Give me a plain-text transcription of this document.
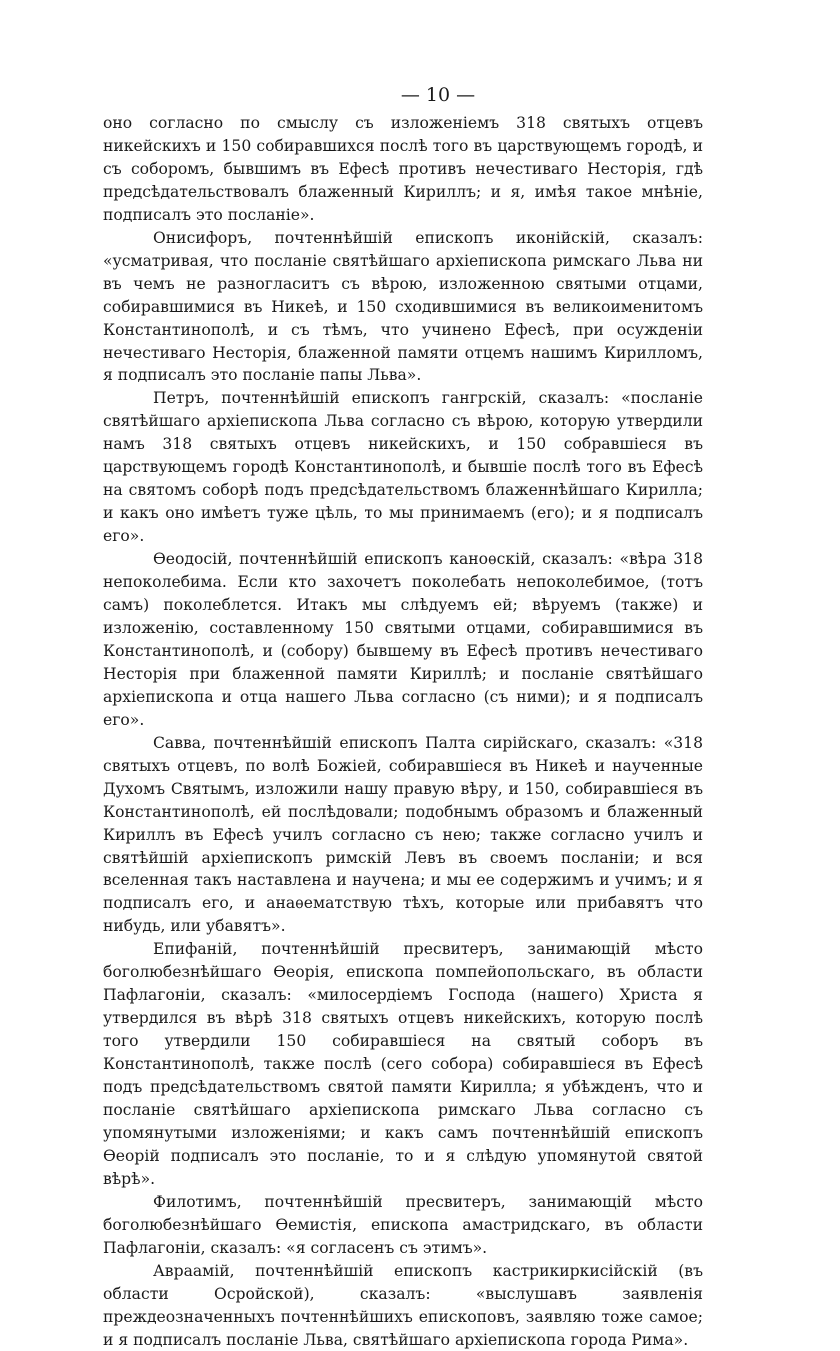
— 10 —

оно согласно по смыслу съ изложеніемъ 318 святыхъ отцевъ никейскихъ и 150 собиравшихся послѣ того въ царствующемъ городѣ, и съ соборомъ, бывшимъ въ Ефесѣ противъ нечестиваго Несторія, гдѣ предсѣдательствовалъ блаженный Кириллъ; и я, имѣя такое мнѣніе, подписалъ это посланіе».

Онисифоръ, почтеннѣйшій епископъ иконійскій, сказалъ: «усматривая, что посланіе святѣйшаго архіепископа римскаго Льва ни въ чемъ не разногласитъ съ вѣрою, изложенною святыми отцами, собиравшимися въ Никеѣ, и 150 сходившимися въ великоименитомъ Константинополѣ, и съ тѣмъ, что учинено Ефесѣ, при осужденіи нечестиваго Несторія, блаженной памяти отцемъ нашимъ Кирилломъ, я подписалъ это посланіе папы Льва».

Петръ, почтеннѣйшій епископъ гангрскій, сказалъ: «посланіе святѣйшаго архіепископа Льва согласно съ вѣрою, которую утвердили намъ 318 святыхъ отцевъ никейскихъ, и 150 собравшіеся въ царствующемъ городѣ Константинополѣ, и бывшіе послѣ того въ Ефесѣ на святомъ соборѣ подъ предсѣдательствомъ блаженнѣйшаго Кирилла; и какъ оно имѣетъ туже цѣль, то мы принимаемъ (его); и я подписалъ его».

Ѳеодосій, почтеннѣйшій епископъ каноѳскій, сказалъ: «вѣра 318 непоколебима. Если кто захочетъ поколебать непоколебимое, (тотъ самъ) поколеблется. Итакъ мы слѣдуемъ ей; вѣруемъ (также) и изложенію, составленному 150 святыми отцами, собиравшимися въ Константинополѣ, и (собору) бывшему въ Ефесѣ противъ нечестиваго Несторія при блаженной памяти Кириллѣ; и посланіе святѣйшаго архіепископа и отца нашего Льва согласно (съ ними); и я подписалъ его».

Савва, почтеннѣйшій епископъ Палта сирійскаго, сказалъ: «318 святыхъ отцевъ, по волѣ Божіей, собиравшіеся въ Никеѣ и наученные Духомъ Святымъ, изложили нашу правую вѣру, и 150, собиравшіеся въ Константинополѣ, ей послѣдовали; подобнымъ образомъ и блаженный Кириллъ въ Ефесѣ училъ согласно съ нею; также согласно училъ и святѣйшій архіепископъ римскій Левъ въ своемъ посланіи; и вся вселенная такъ наставлена и научена; и мы ее содержимъ и учимъ; и я подписалъ его, и анаѳематствую тѣхъ, которые или прибавятъ что нибудь, или убавятъ».

Епифаній, почтеннѣйшій пресвитеръ, занимающій мѣсто боголюбезнѣйшаго Ѳеорія, епископа помпейопольскаго, въ области Пафлагоніи, сказалъ: «милосердіемъ Господа (нашего) Христа я утвердился въ вѣрѣ 318 святыхъ отцевъ никейскихъ, которую послѣ того утвердили 150 собиравшіеся на святый соборъ въ Константинополѣ, также послѣ (сего собора) собиравшіеся въ Ефесѣ подъ предсѣдательствомъ святой памяти Кирилла; я убѣжденъ, что и посланіе святѣйшаго архіепископа римскаго Льва согласно съ упомянутыми изложеніями; и какъ самъ почтеннѣйшій епископъ Ѳеорій подписалъ это посланіе, то и я слѣдую упомянутой святой вѣрѣ».

Филотимъ, почтеннѣйшій пресвитеръ, занимающій мѣсто боголюбезнѣйшаго Ѳемистія, епископа амастридскаго, въ области Пафлагоніи, сказалъ: «я согласенъ съ этимъ».

Авраамій, почтеннѣйшій епископъ кастрикиркисійскій (въ области Осройской), сказалъ: «выслушавъ заявленія преждеозначенныхъ почтеннѣйшихъ епископовъ, заявляю тоже самое; и я подписалъ посланіе Льва, святѣйшаго архіепископа города Рима».
